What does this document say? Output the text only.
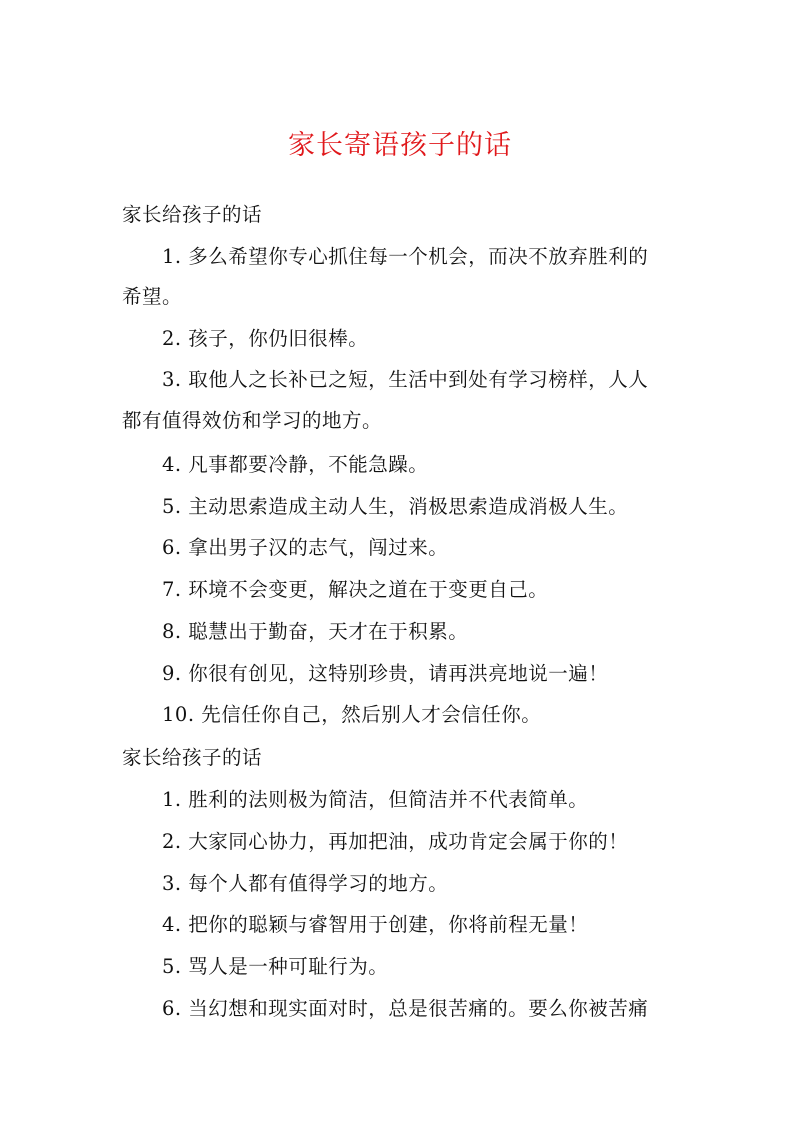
家长寄语孩子的话
家长给孩子的话
1. 多么希望你专心抓住每一个机会，而决不放弃胜利的
希望。
2. 孩子，你仍旧很棒。
3. 取他人之长补已之短，生活中到处有学习榜样，人人
都有值得效仿和学习的地方。
4. 凡事都要冷静，不能急躁。
5. 主动思索造成主动人生，消极思索造成消极人生。
6. 拿出男子汉的志气，闯过来。
7. 环境不会变更，解决之道在于变更自己。
8. 聪慧出于勤奋，天才在于积累。
9. 你很有创见，这特别珍贵，请再洪亮地说一遍！
10. 先信任你自己，然后别人才会信任你。
家长给孩子的话
1. 胜利的法则极为简洁，但简洁并不代表简单。
2. 大家同心协力，再加把油，成功肯定会属于你的！
3. 每个人都有值得学习的地方。
4. 把你的聪颖与睿智用于创建，你将前程无量！
5. 骂人是一种可耻行为。
6. 当幻想和现实面对时，总是很苦痛的。要么你被苦痛
